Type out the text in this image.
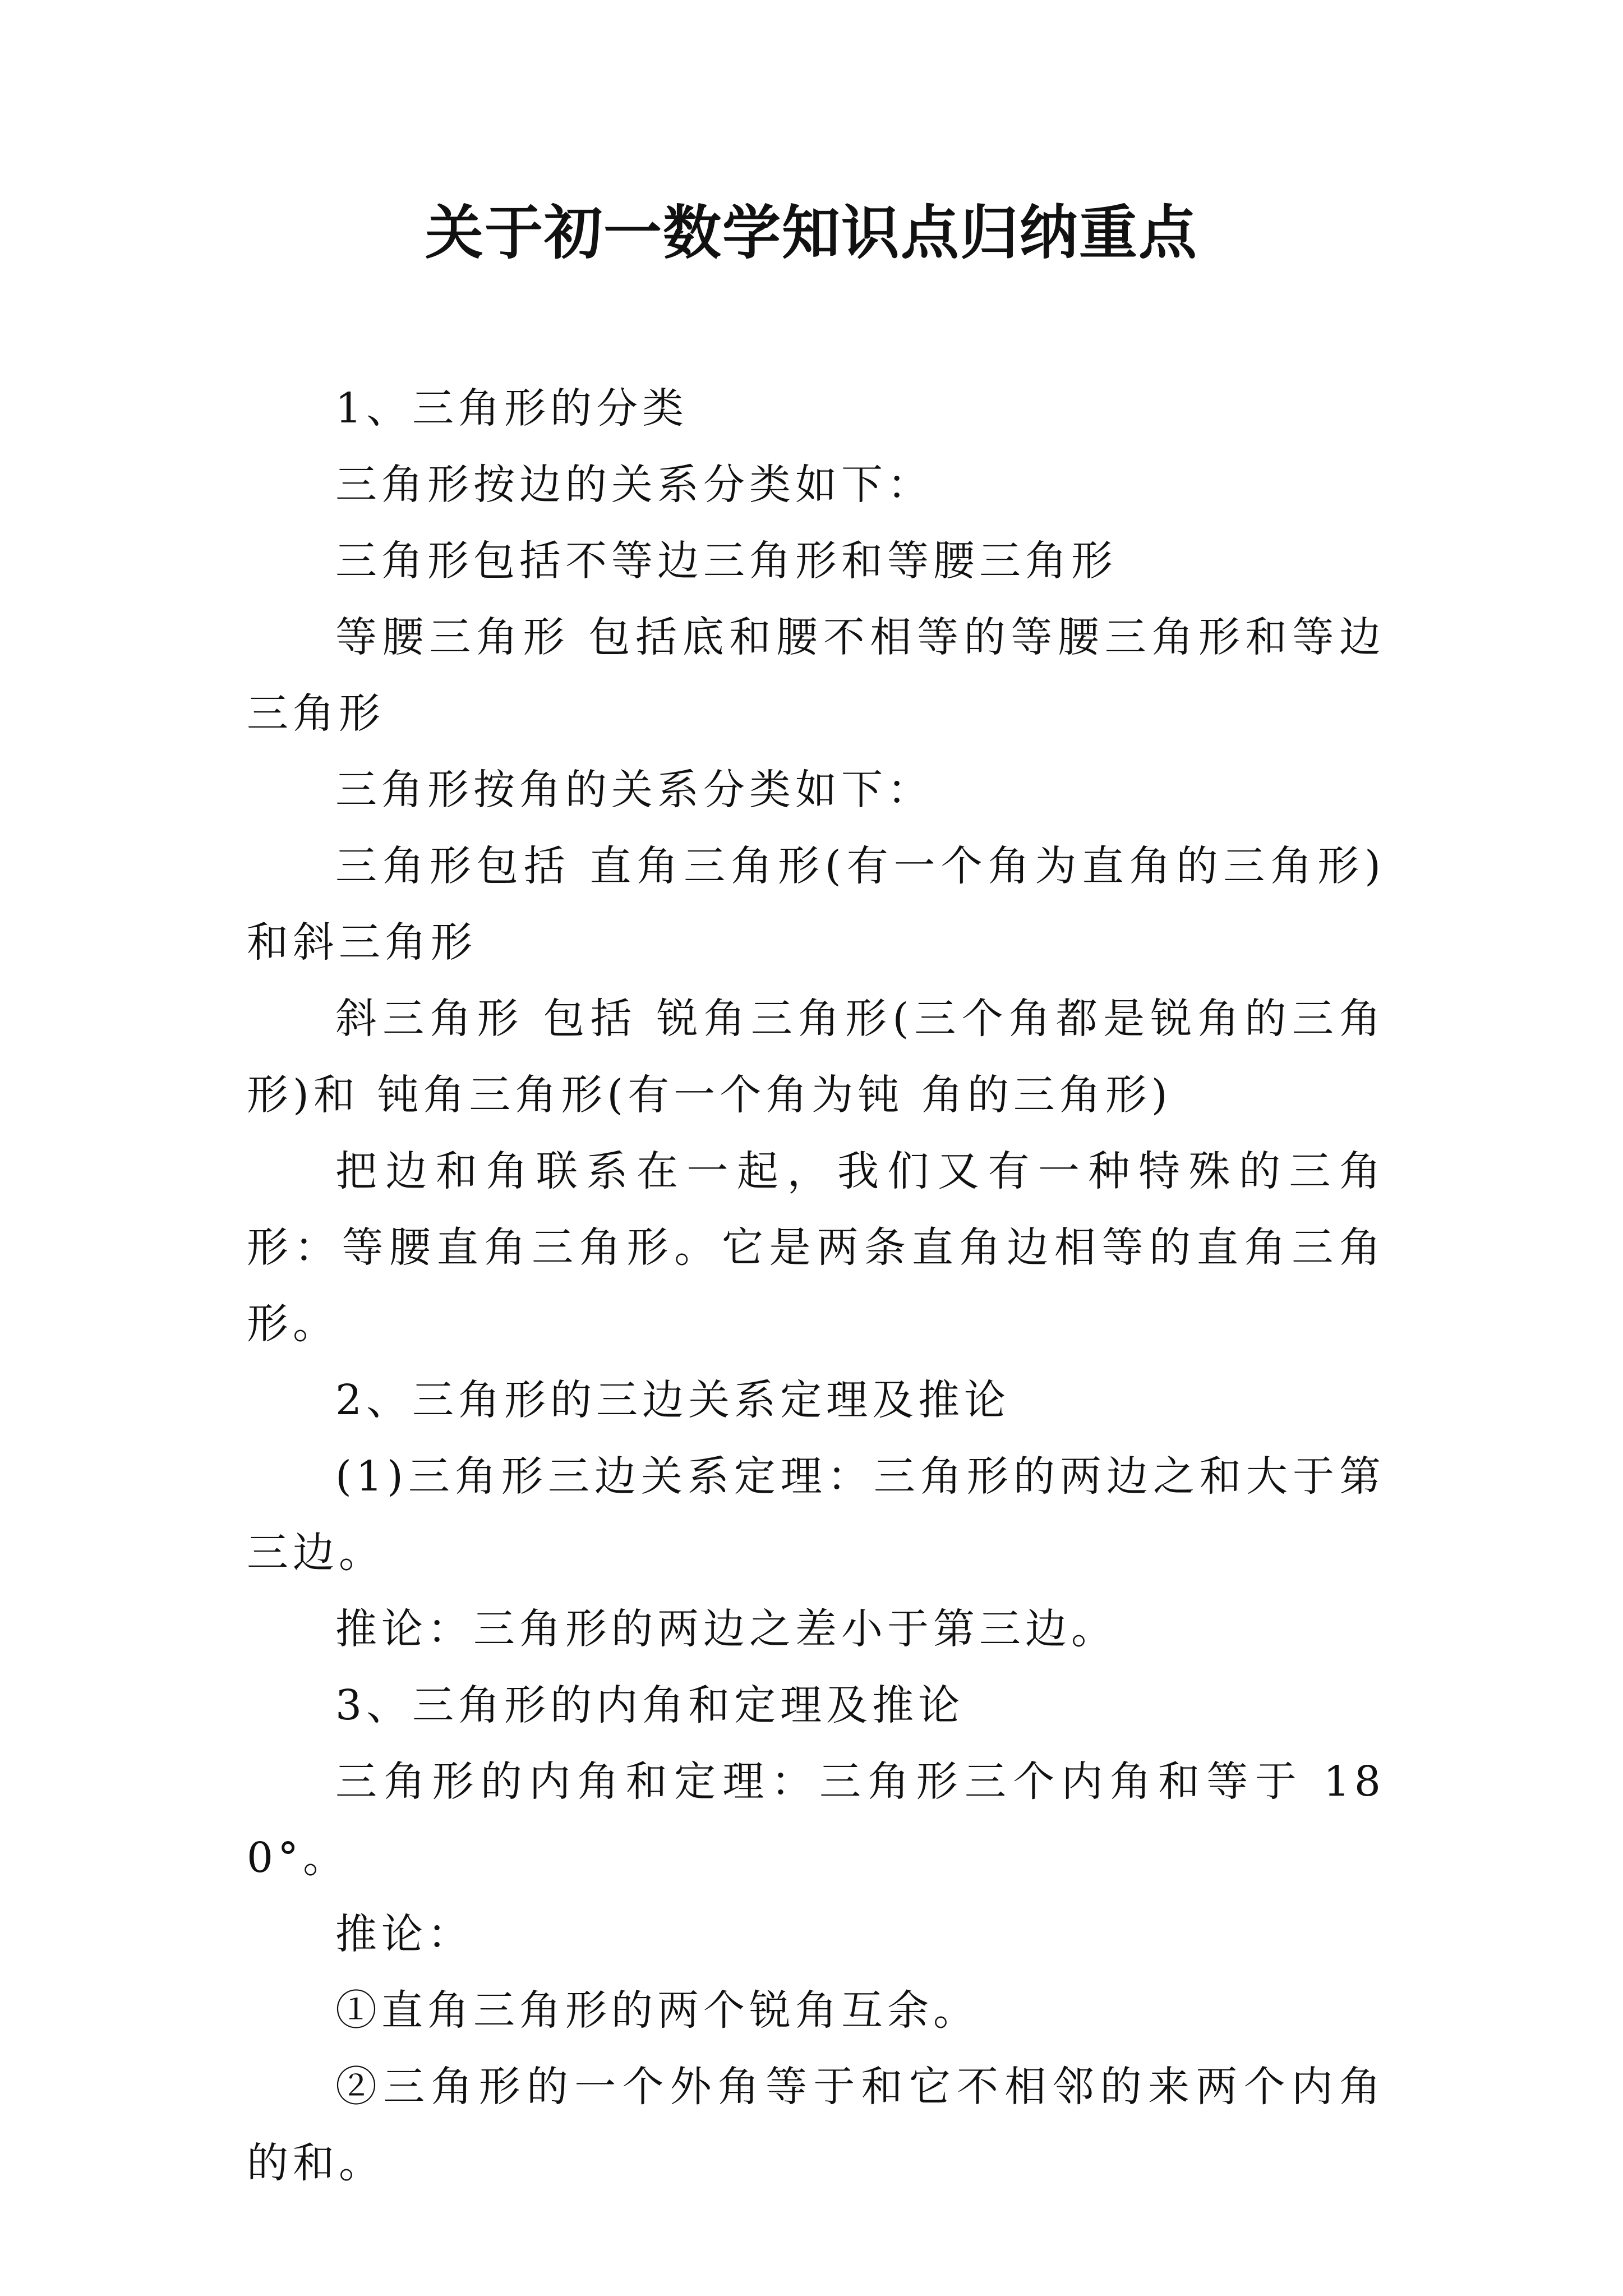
关于初一数学知识点归纳重点

1、三角形的分类

三角形按边的关系分类如下：

三角形包括不等边三角形和等腰三角形

等腰三角形 包括底和腰不相等的等腰三角形和等边三角形

三角形按角的关系分类如下：

三角形包括 直角三角形(有一个角为直角的三角形)和斜三角形

斜三角形 包括 锐角三角形(三个角都是锐角的三角形)和 钝角三角形(有一个角为钝 角的三角形)

把边和角联系在一起，我们又有一种特殊的三角形：等腰直角三角形。它是两条直角边相等的直角三角形。

2、三角形的三边关系定理及推论

(1)三角形三边关系定理：三角形的两边之和大于第三边。

推论：三角形的两边之差小于第三边。

3、三角形的内角和定理及推论

三角形的内角和定理：三角形三个内角和等于 180°。

推论：

①直角三角形的两个锐角互余。

②三角形的一个外角等于和它不相邻的来两个内角的和。
